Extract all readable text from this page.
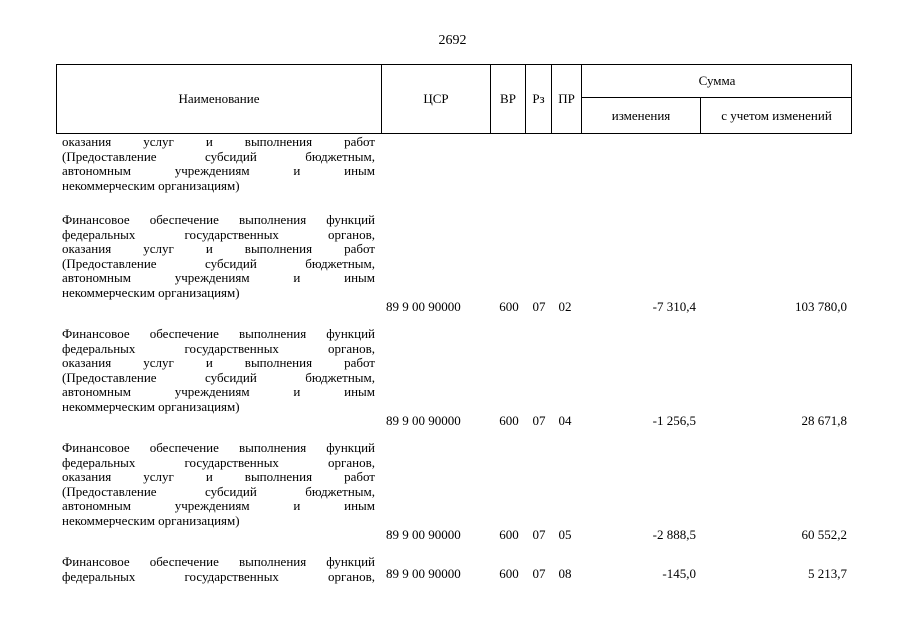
2692
Наименование	ЦСР	ВР	Рз	ПР
Сумма
изменения	с учетом изменений
оказания услуг и выполнения работ
(Предоставление субсидий бюджетным,
автономным учреждениям и иным
некоммерческим организациям)
Финансовое обеспечение выполнения функций
федеральных государственных органов,
оказания услуг и выполнения работ
(Предоставление субсидий бюджетным,
автономным учреждениям и иным
некоммерческим организациям)
89 9 00 90000	600	07	02	-7 310,4	103 780,0
Финансовое обеспечение выполнения функций
федеральных государственных органов,
оказания услуг и выполнения работ
(Предоставление субсидий бюджетным,
автономным учреждениям и иным
некоммерческим организациям)
89 9 00 90000	600	07	04	-1 256,5	28 671,8
Финансовое обеспечение выполнения функций
федеральных государственных органов,
оказания услуг и выполнения работ
(Предоставление субсидий бюджетным,
автономным учреждениям и иным
некоммерческим организациям)
89 9 00 90000	600	07	05	-2 888,5	60 552,2
Финансовое обеспечение выполнения функций
федеральных государственных органов, 89 9 00 90000	600	07	08	-145,0	5 213,7
